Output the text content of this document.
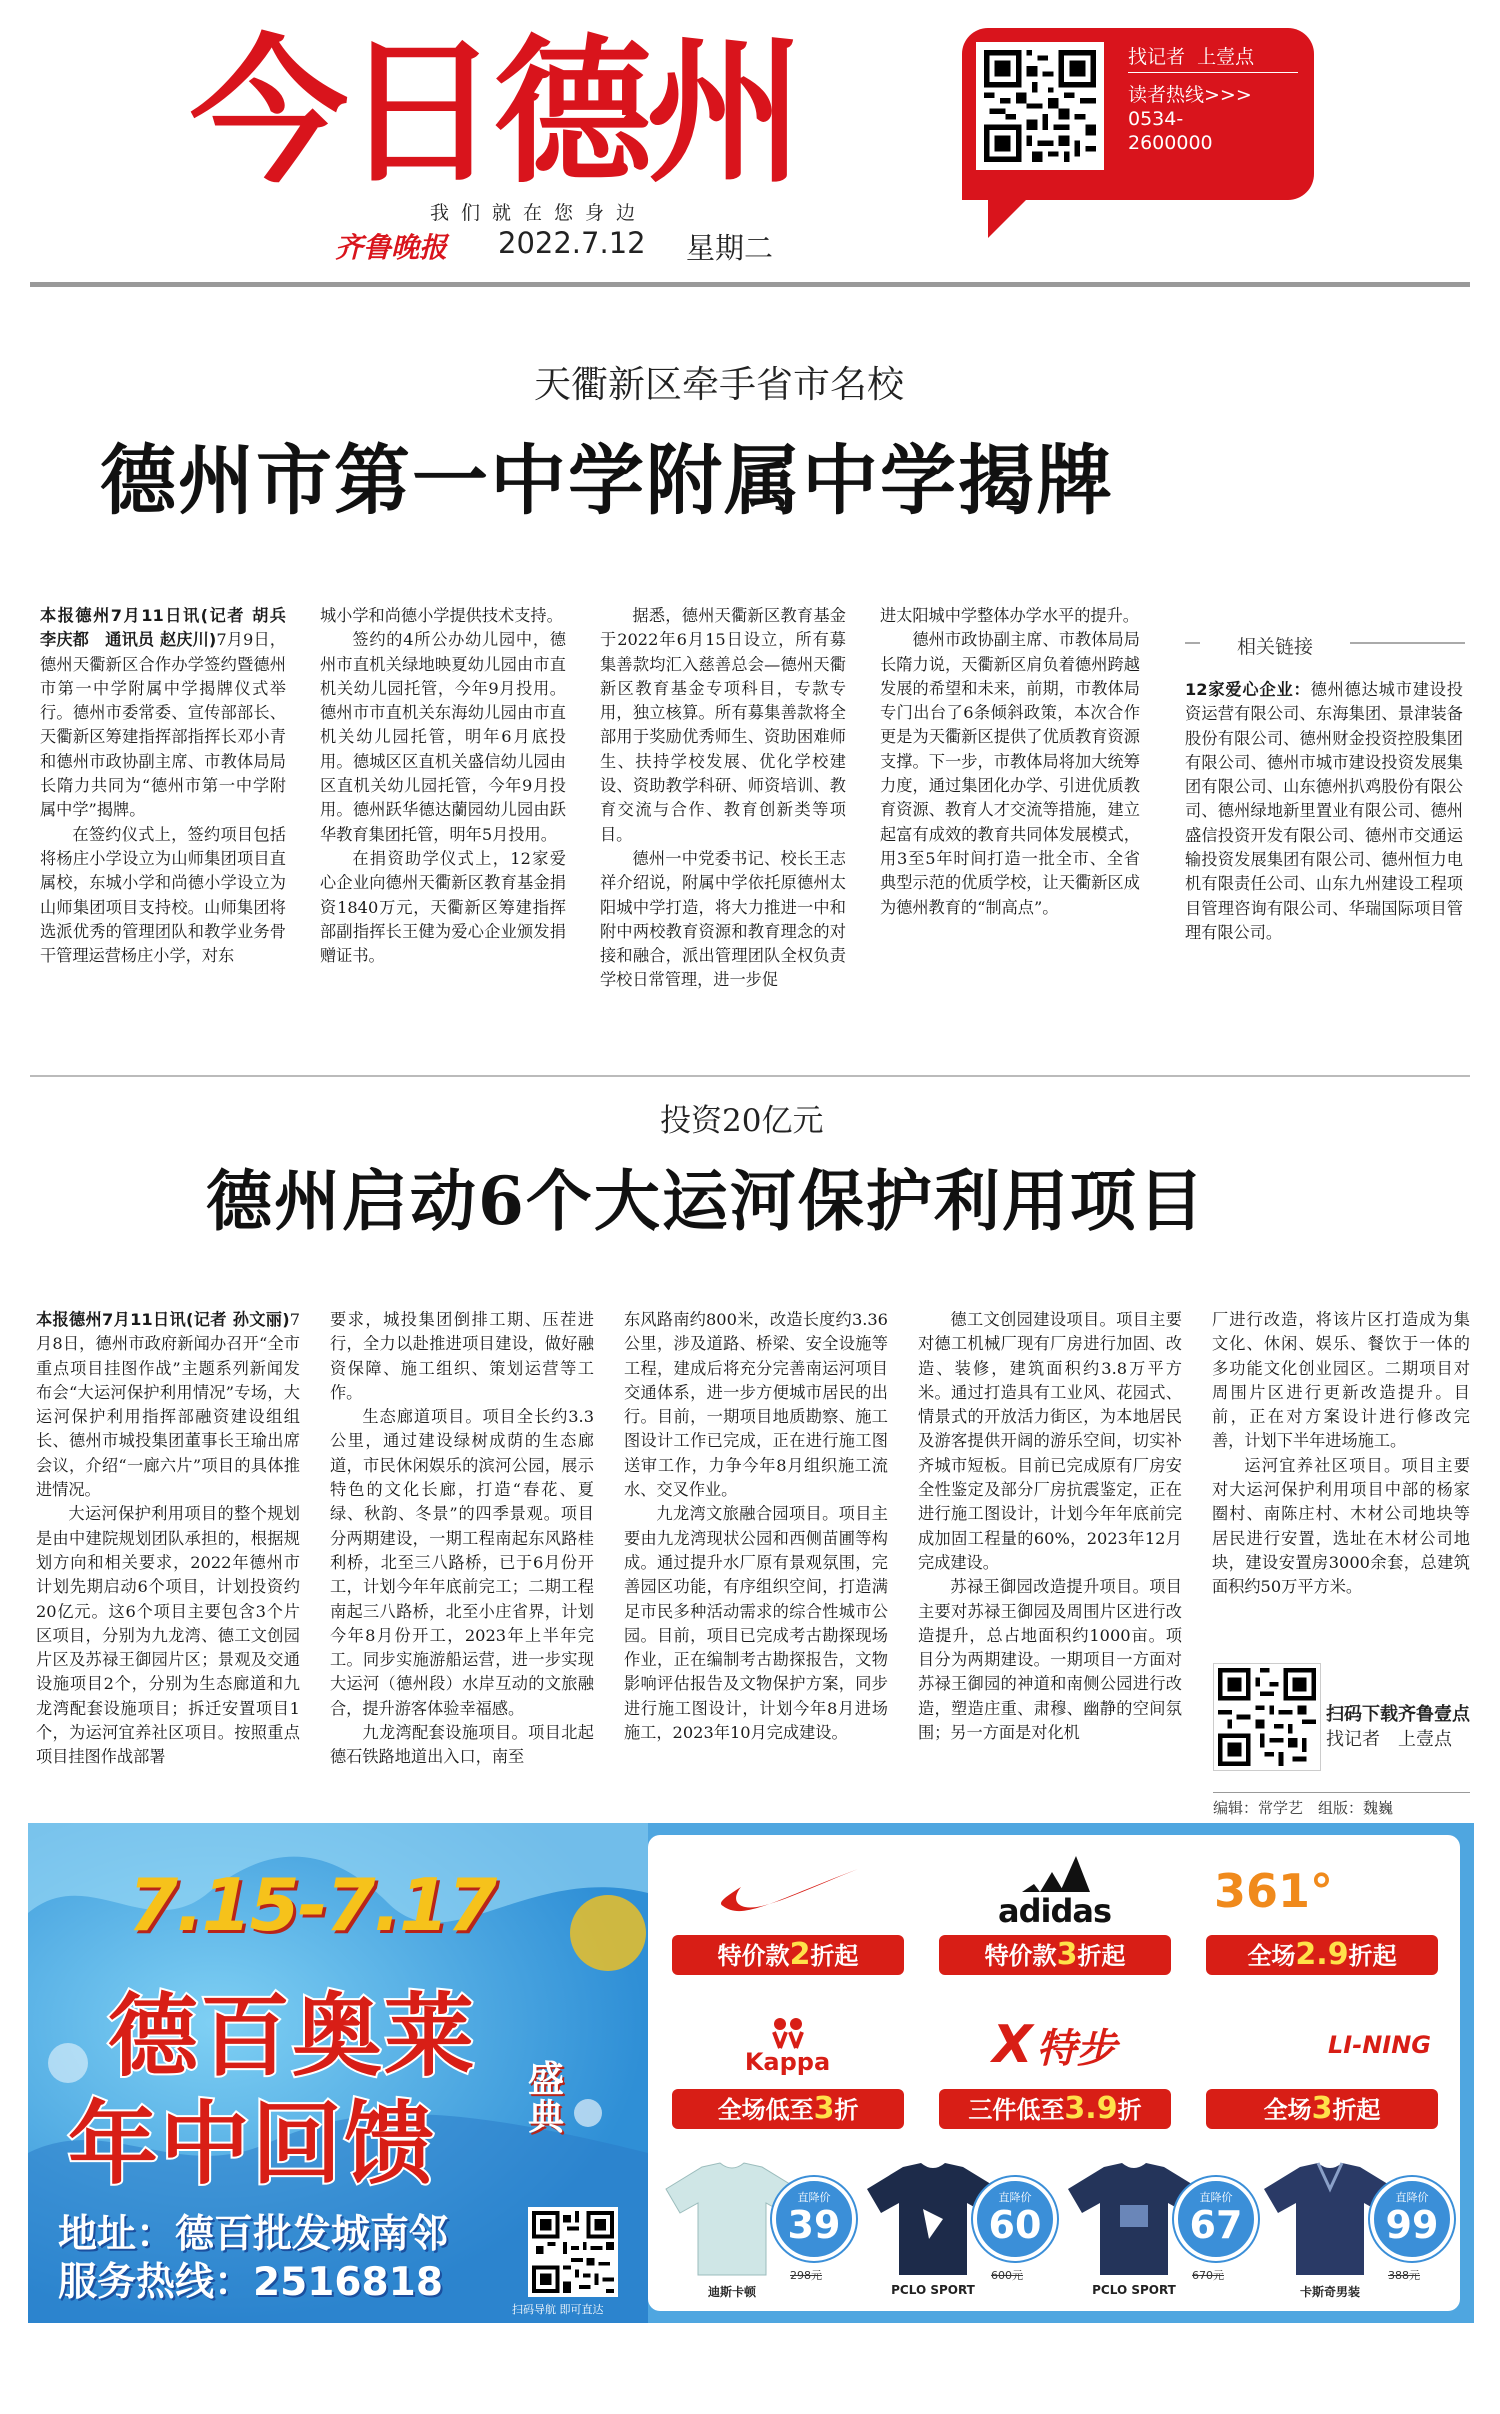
今日德州
我们就在您身边
齐鲁晚报 2022.7.12 星期二
找记者  上壹点
读者热线>>>
0534-
2600000
天衢新区牵手省市名校
德州市第一中学附属中学揭牌

本报德州7月11日讯(记者 胡兵　李庆都　通讯员 赵庆川)7月9日，德州天衢新区合作办学签约暨德州市第一中学附属中学揭牌仪式举行。德州市委常委、宣传部部长、天衢新区筹建指挥部指挥长邓小青和德州市政协副主席、市教体局局长隋力共同为“德州市第一中学附属中学”揭牌。

在签约仪式上，签约项目包括将杨庄小学设立为山师集团项目直属校，东城小学和尚德小学设立为山师集团项目支持校。山师集团将选派优秀的管理团队和教学业务骨干管理运营杨庄小学，对东

城小学和尚德小学提供技术支持。

签约的4所公办幼儿园中，德州市直机关绿地映夏幼儿园由市直机关幼儿园托管，今年9月投用。德州市市直机关东海幼儿园由市直机关幼儿园托管，明年6月底投用。德城区区直机关盛信幼儿园由区直机关幼儿园托管，今年9月投用。德州跃华德达蘭园幼儿园由跃华教育集团托管，明年5月投用。

在捐资助学仪式上，12家爱心企业向德州天衢新区教育基金捐资1840万元，天衢新区筹建指挥部副指挥长王健为爱心企业颁发捐赠证书。

据悉，德州天衢新区教育基金于2022年6月15日设立，所有募集善款均汇入慈善总会—德州天衢新区教育基金专项科目，专款专用，独立核算。所有募集善款将全部用于奖励优秀师生、资助困难师生、扶持学校发展、优化学校建设、资助教学科研、师资培训、教育交流与合作、教育创新类等项目。

德州一中党委书记、校长王志祥介绍说，附属中学依托原德州太阳城中学打造，将大力推进一中和附中两校教育资源和教育理念的对接和融合，派出管理团队全权负责学校日常管理，进一步促

进太阳城中学整体办学水平的提升。

德州市政协副主席、市教体局局长隋力说，天衢新区肩负着德州跨越发展的希望和未来，前期，市教体局专门出台了6条倾斜政策，本次合作更是为天衢新区提供了优质教育资源支撑。下一步，市教体局将加大统筹力度，通过集团化办学、引进优质教育资源、教育人才交流等措施，建立起富有成效的教育共同体发展模式，用3至5年时间打造一批全市、全省典型示范的优质学校，让天衢新区成为德州教育的“制高点”。

相关链接
12家爱心企业：德州德达城市建设投资运营有限公司、东海集团、景津装备股份有限公司、德州财金投资控股集团有限公司、德州市城市建设投资发展集团有限公司、山东德州扒鸡股份有限公司、德州绿地新里置业有限公司、德州盛信投资开发有限公司、德州市交通运输投资发展集团有限公司、德州恒力电机有限责任公司、山东九州建设工程项目管理咨询有限公司、华瑞国际项目管理有限公司。
投资20亿元
德州启动6个大运河保护利用项目

本报德州7月11日讯(记者 孙文丽)7月8日，德州市政府新闻办召开“全市重点项目挂图作战”主题系列新闻发布会“大运河保护利用情况”专场，大运河保护利用指挥部融资建设组组长、德州市城投集团董事长王瑜出席会议，介绍“一廊六片”项目的具体推进情况。

大运河保护利用项目的整个规划是由中建院规划团队承担的，根据规划方向和相关要求，2022年德州市计划先期启动6个项目，计划投资约20亿元。这6个项目主要包含3个片区项目，分别为九龙湾、德工文创园片区及苏禄王御园片区；景观及交通设施项目2个，分别为生态廊道和九龙湾配套设施项目；拆迁安置项目1个，为运河宜养社区项目。按照重点项目挂图作战部署

要求，城投集团倒排工期、压茬进行，全力以赴推进项目建设，做好融资保障、施工组织、策划运营等工作。

生态廊道项目。项目全长约3.3公里，通过建设绿树成荫的生态廊道，市民休闲娱乐的滨河公园，展示特色的文化长廊，打造“春花、夏绿、秋韵、冬景”的四季景观。项目分两期建设，一期工程南起东风路桂利桥，北至三八路桥，已于6月份开工，计划今年年底前完工；二期工程南起三八路桥，北至小庄省界，计划今年8月份开工，2023年上半年完工。同步实施游船运营，进一步实现大运河（德州段）水岸互动的文旅融合，提升游客体验幸福感。

九龙湾配套设施项目。项目北起德石铁路地道出入口，南至

东风路南约800米，改造长度约3.36公里，涉及道路、桥梁、安全设施等工程，建成后将充分完善南运河项目交通体系，进一步方便城市居民的出行。目前，一期项目地质勘察、施工图设计工作已完成，正在进行施工图送审工作，力争今年8月组织施工流水、交叉作业。

九龙湾文旅融合园项目。项目主要由九龙湾现状公园和西侧苗圃等构成。通过提升水厂原有景观氛围，完善园区功能，有序组织空间，打造满足市民多种活动需求的综合性城市公园。目前，项目已完成考古勘探现场作业，正在编制考古勘探报告，文物影响评估报告及文物保护方案，同步进行施工图设计，计划今年8月进场施工，2023年10月完成建设。

德工文创园建设项目。项目主要对德工机械厂现有厂房进行加固、改造、装修，建筑面积约3.8万平方米。通过打造具有工业风、花园式、情景式的开放活力街区，为本地居民及游客提供开阔的游乐空间，切实补齐城市短板。目前已完成原有厂房安全性鉴定及部分厂房抗震鉴定，正在进行施工图设计，计划今年年底前完成加固工程量的60%，2023年12月完成建设。

苏禄王御园改造提升项目。项目主要对苏禄王御园及周围片区进行改造提升，总占地面积约1000亩。项目分为两期建设。一期项目一方面对苏禄王御园的神道和南侧公园进行改造，塑造庄重、肃穆、幽静的空间氛围；另一方面是对化机

厂进行改造，将该片区打造成为集文化、休闲、娱乐、餐饮于一体的多功能文化创业园区。二期项目对周围片区进行更新改造提升。目前，正在对方案设计进行修改完善，计划下半年进场施工。

运河宜养社区项目。项目主要对大运河保护利用项目中部的杨家圈村、南陈庄村、木材公司地块等居民进行安置，选址在木材公司地块，建设安置房3000余套，总建筑面积约50万平方米。

扫码下载齐鲁壹点
找记者　上壹点
编辑：常学艺　组版：魏巍
7.15-7.17
德百奥莱
年中回馈
盛典
地址：德百批发城南邻
服务热线：2516818
扫码导航 即可直达
特价款2折起
adidas
特价款3折起
361°
全场2.9折起
Kappa
全场低至3折
X 特步
三件低至3.9折
LI-NING
全场3折起
直降价
39
298元
迪斯卡顿
直降价
60
600元
PCLO SPORT
直降价
67
670元
PCLO SPORT
直降价
99
388元
卡斯奇男装
